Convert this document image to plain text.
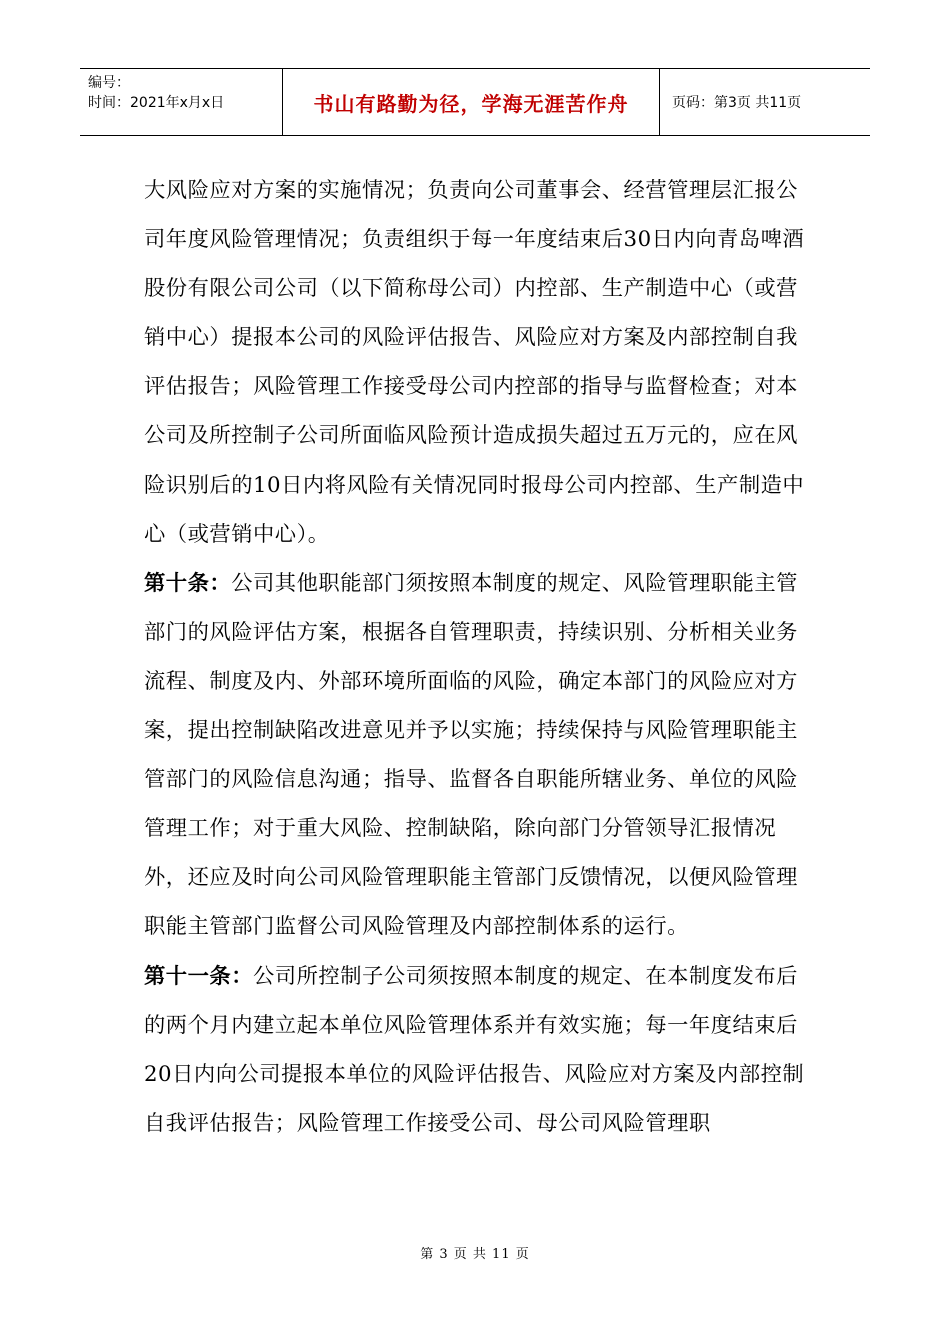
编号：
时间：2021年x月x日	书山有路勤为径，学海无涯苦作舟	页码：第3页 共11页

大风险应对方案的实施情况；负责向公司董事会、经营管理层汇报公司年度风险管理情况；负责组织于每一年度结束后30日内向青岛啤酒股份有限公司公司（以下简称母公司）内控部、生产制造中心（或营销中心）提报本公司的风险评估报告、风险应对方案及内部控制自我评估报告；风险管理工作接受母公司内控部的指导与监督检查；对本公司及所控制子公司所面临风险预计造成损失超过五万元的，应在风险识别后的10日内将风险有关情况同时报母公司内控部、生产制造中心（或营销中心）。

第十条：公司其他职能部门须按照本制度的规定、风险管理职能主管部门的风险评估方案，根据各自管理职责，持续识别、分析相关业务流程、制度及内、外部环境所面临的风险，确定本部门的风险应对方案，提出控制缺陷改进意见并予以实施；持续保持与风险管理职能主管部门的风险信息沟通；指导、监督各自职能所辖业务、单位的风险管理工作；对于重大风险、控制缺陷，除向部门分管领导汇报情况外，还应及时向公司风险管理职能主管部门反馈情况，以便风险管理职能主管部门监督公司风险管理及内部控制体系的运行。

第十一条：公司所控制子公司须按照本制度的规定、在本制度发布后的两个月内建立起本单位风险管理体系并有效实施；每一年度结束后20日内向公司提报本单位的风险评估报告、风险应对方案及内部控制自我评估报告；风险管理工作接受公司、母公司风险管理职

第 3 页 共 11 页
